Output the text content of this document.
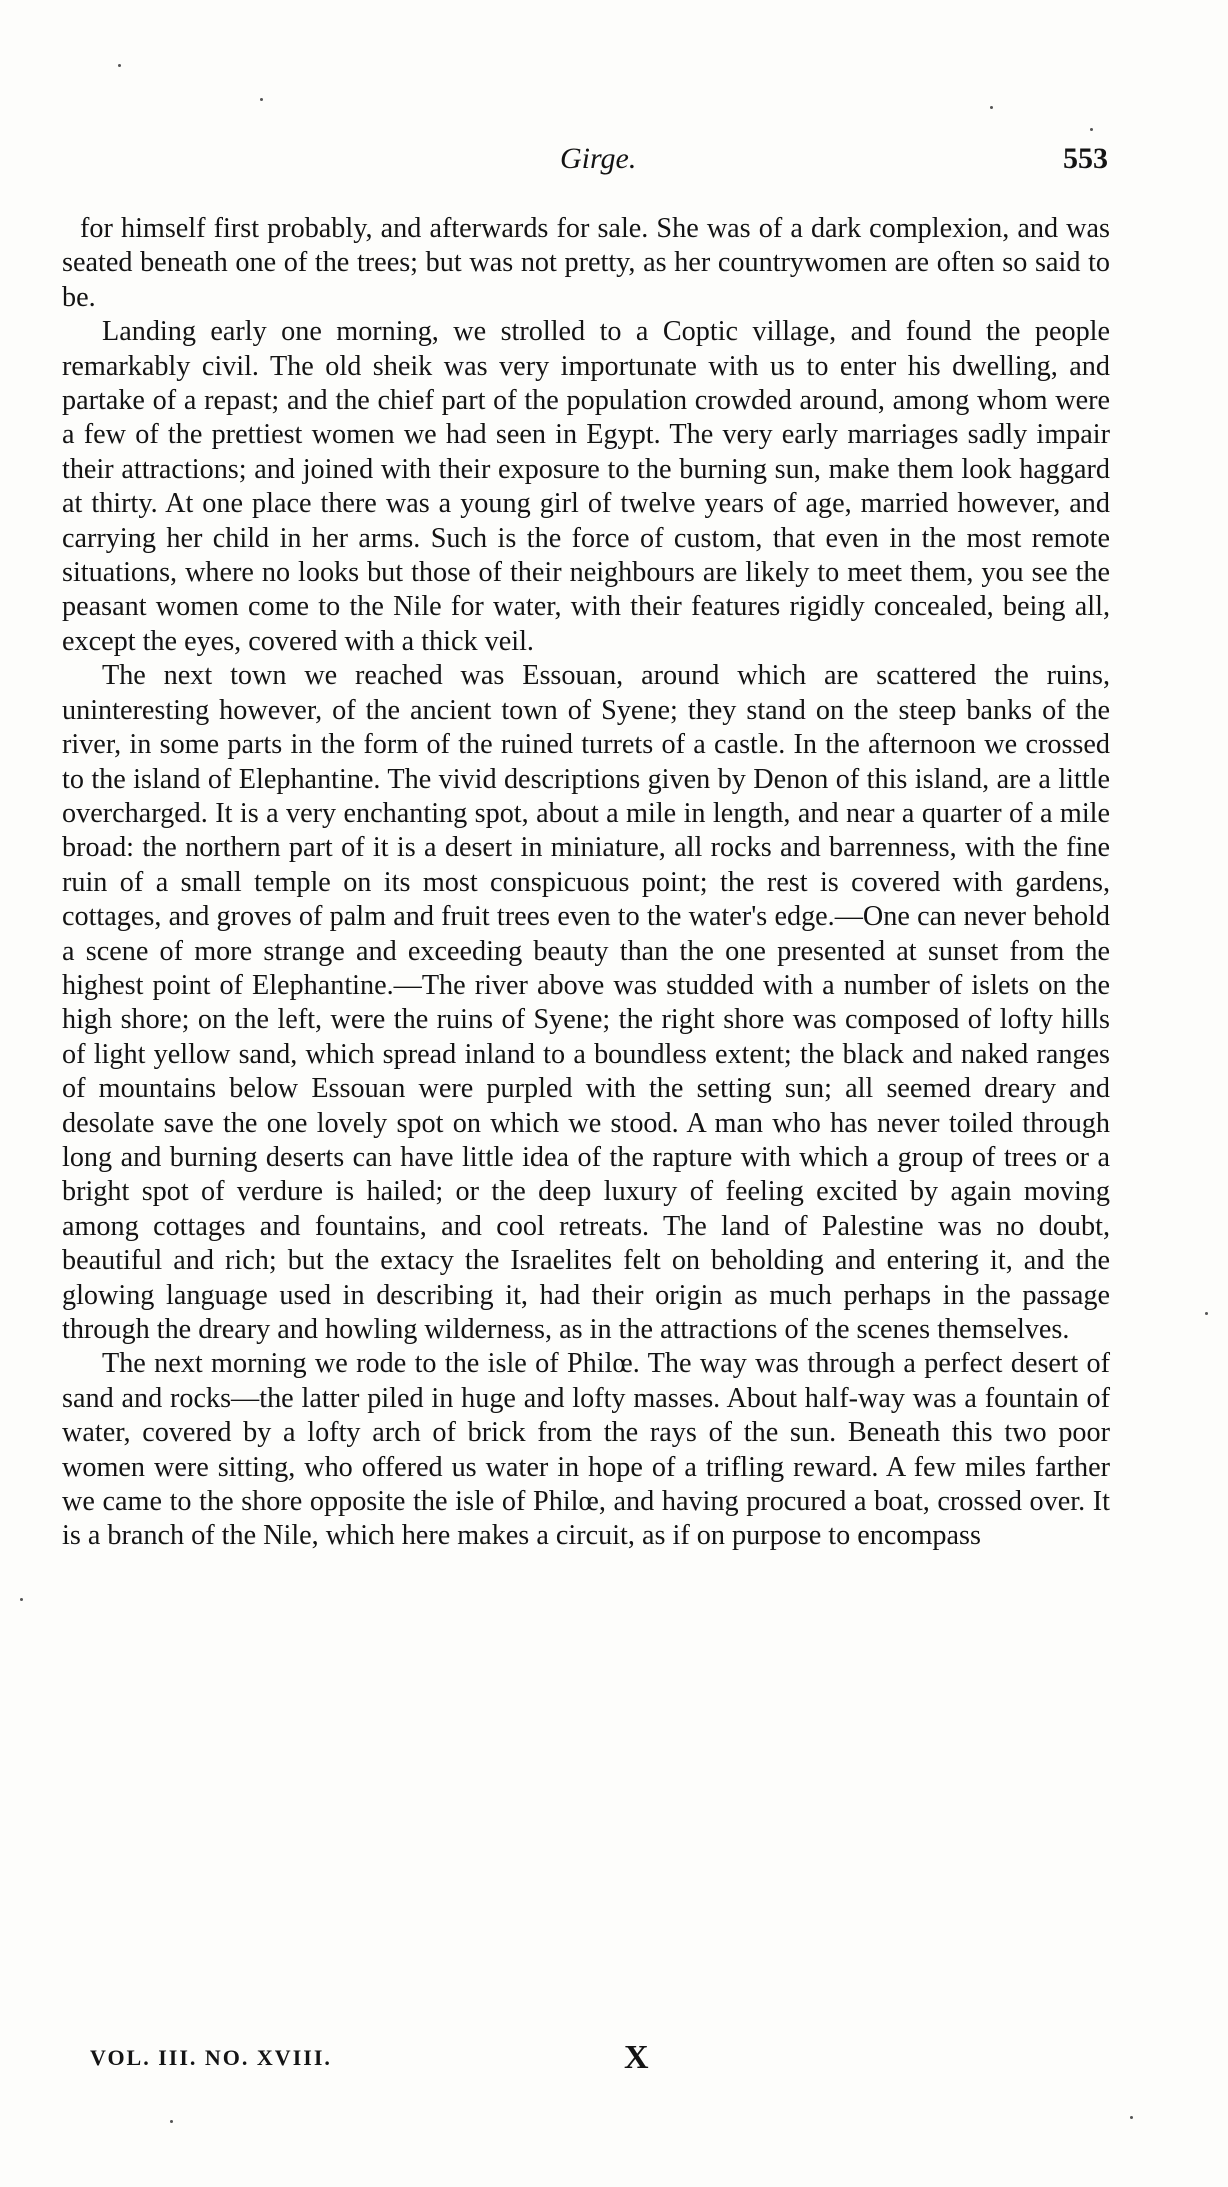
Girge.	553

for himself first probably, and afterwards for sale. She was of a dark complexion, and was seated beneath one of the trees; but was not pretty, as her countrywomen are often so said to be.

Landing early one morning, we strolled to a Coptic village, and found the people remarkably civil. The old sheik was very importunate with us to enter his dwelling, and partake of a repast; and the chief part of the population crowded around, among whom were a few of the prettiest women we had seen in Egypt. The very early marriages sadly impair their attractions; and joined with their exposure to the burning sun, make them look haggard at thirty. At one place there was a young girl of twelve years of age, married however, and carrying her child in her arms. Such is the force of custom, that even in the most remote situations, where no looks but those of their neighbours are likely to meet them, you see the peasant women come to the Nile for water, with their features rigidly concealed, being all, except the eyes, covered with a thick veil.

The next town we reached was Essouan, around which are scattered the ruins, uninteresting however, of the ancient town of Syene; they stand on the steep banks of the river, in some parts in the form of the ruined turrets of a castle. In the afternoon we crossed to the island of Elephantine. The vivid descriptions given by Denon of this island, are a little overcharged. It is a very enchanting spot, about a mile in length, and near a quarter of a mile broad: the northern part of it is a desert in miniature, all rocks and barrenness, with the fine ruin of a small temple on its most conspicuous point; the rest is covered with gardens, cottages, and groves of palm and fruit trees even to the water's edge.—One can never behold a scene of more strange and exceeding beauty than the one presented at sunset from the highest point of Elephantine.—The river above was studded with a number of islets on the high shore; on the left, were the ruins of Syene; the right shore was composed of lofty hills of light yellow sand, which spread inland to a boundless extent; the black and naked ranges of mountains below Essouan were purpled with the setting sun; all seemed dreary and desolate save the one lovely spot on which we stood. A man who has never toiled through long and burning deserts can have little idea of the rapture with which a group of trees or a bright spot of verdure is hailed; or the deep luxury of feeling excited by again moving among cottages and fountains, and cool retreats. The land of Palestine was no doubt, beautiful and rich; but the extacy the Israelites felt on beholding and entering it, and the glowing language used in describing it, had their origin as much perhaps in the passage through the dreary and howling wilderness, as in the attractions of the scenes themselves.

The next morning we rode to the isle of Philœ. The way was through a perfect desert of sand and rocks—the latter piled in huge and lofty masses. About half-way was a fountain of water, covered by a lofty arch of brick from the rays of the sun. Beneath this two poor women were sitting, who offered us water in hope of a trifling reward. A few miles farther we came to the shore opposite the isle of Philœ, and having procured a boat, crossed over. It is a branch of the Nile, which here makes a circuit, as if on purpose to encompass

VOL. III. NO. XVIII.	X
